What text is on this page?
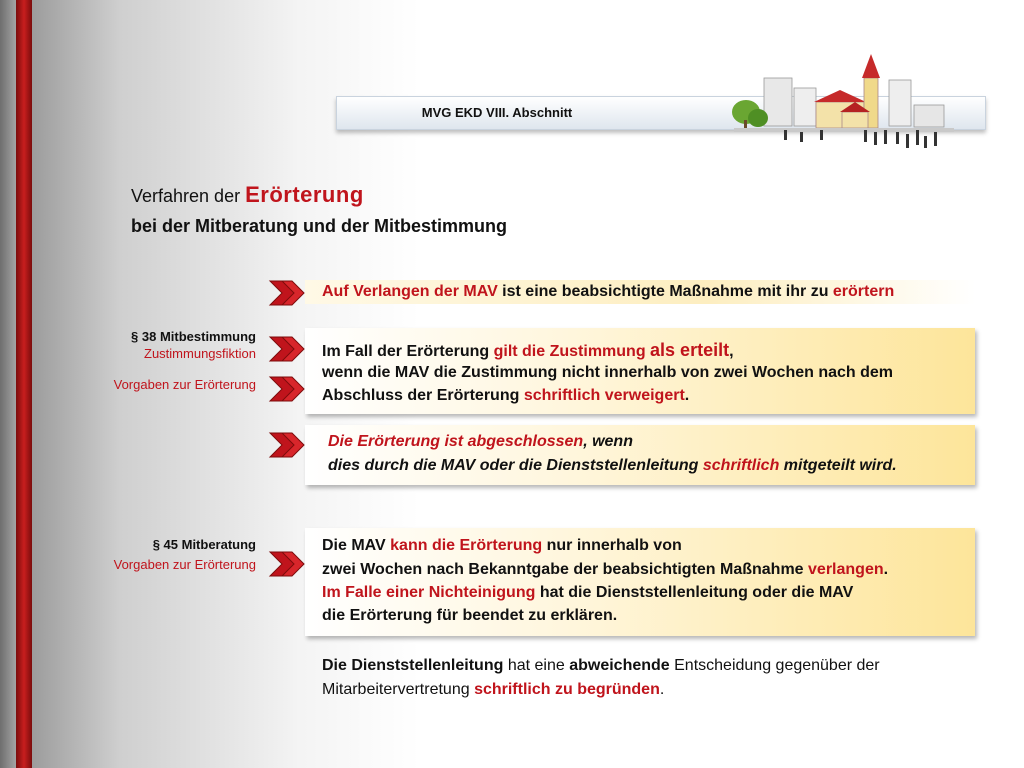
MVG EKD VIII. Abschnitt
Verfahren der Erörterung
bei der Mitberatung und der Mitbestimmung
Auf Verlangen der MAV ist eine beabsichtigte Maßnahme mit ihr zu erörtern
§ 38 Mitbestimmung
Zustimmungsfiktion
Vorgaben zur Erörterung
Im Fall der Erörterung gilt die Zustimmung als erteilt,
wenn die MAV die Zustimmung nicht innerhalb von zwei Wochen nach dem
Abschluss der Erörterung schriftlich verweigert.
Die Erörterung ist abgeschlossen, wenn
dies durch die MAV oder die Dienststellenleitung schriftlich mitgeteilt wird.
§ 45 Mitberatung
Vorgaben zur Erörterung
Die MAV kann die Erörterung nur innerhalb von
zwei Wochen nach Bekanntgabe der beabsichtigten Maßnahme verlangen.
Im Falle einer Nichteinigung hat die Dienststellenleitung oder die MAV
die Erörterung für beendet zu erklären.
Die Dienststellenleitung hat eine abweichende Entscheidung gegenüber der
Mitarbeitervertretung schriftlich zu begründen.
